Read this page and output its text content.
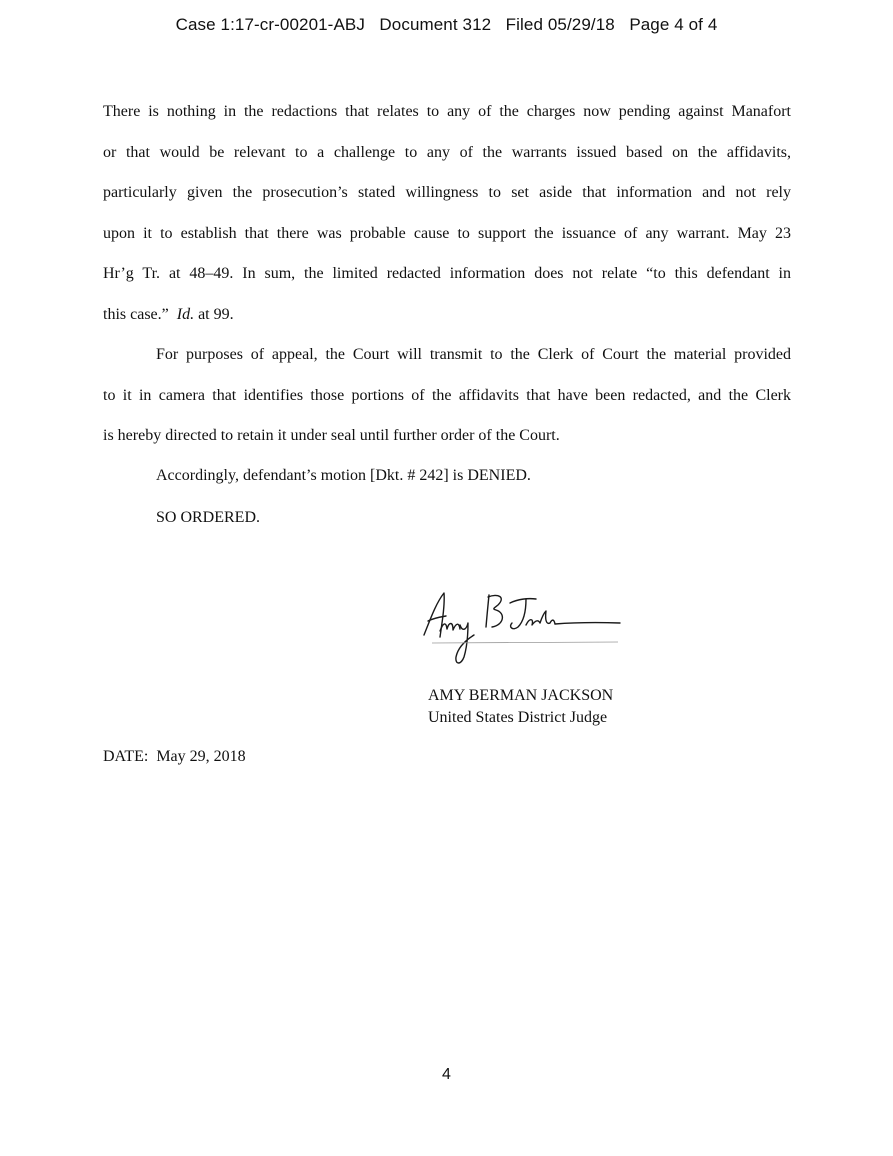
Case 1:17-cr-00201-ABJ Document 312 Filed 05/29/18 Page 4 of 4
There is nothing in the redactions that relates to any of the charges now pending against Manafort
or that would be relevant to a challenge to any of the warrants issued based on the affidavits,
particularly given the prosecution’s stated willingness to set aside that information and not rely
upon it to establish that there was probable cause to support the issuance of any warrant. May 23
Hr’g Tr. at 48–49. In sum, the limited redacted information does not relate “to this defendant in
this case.”  Id. at 99.
For purposes of appeal, the Court will transmit to the Clerk of Court the material provided
to it in camera that identifies those portions of the affidavits that have been redacted, and the Clerk
is hereby directed to retain it under seal until further order of the Court.
Accordingly, defendant’s motion [Dkt. # 242] is DENIED.
SO ORDERED.
AMY BERMAN JACKSON
United States District Judge
DATE:  May 29, 2018
4
